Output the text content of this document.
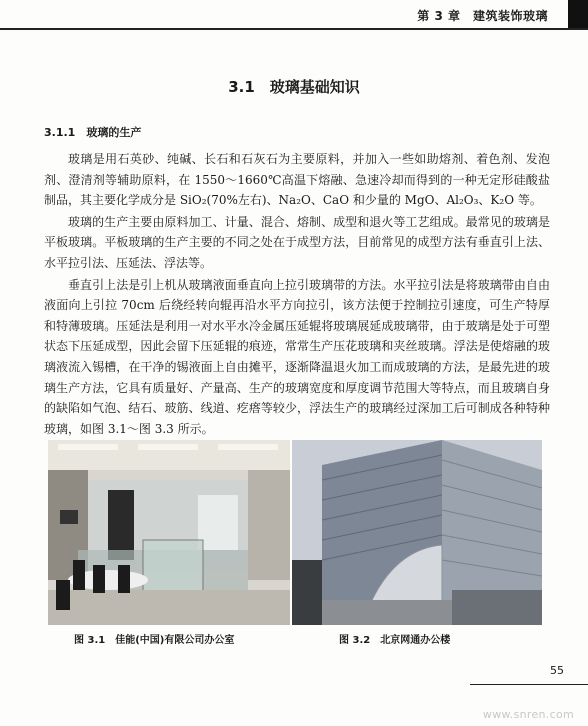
第 3 章　建筑装饰玻璃
3.1　玻璃基础知识
3.1.1　玻璃的生产

玻璃是用石英砂、纯碱、长石和石灰石为主要原料，并加入一些如助熔剂、着色剂、发泡剂、澄清剂等辅助原料，在 1550～1660℃高温下熔融、急速冷却而得到的一种无定形硅酸盐制品，其主要化学成分是 SiO₂(70%左右)、Na₂O、CaO 和少量的 MgO、Al₂O₃、K₂O 等。

玻璃的生产主要由原料加工、计量、混合、熔制、成型和退火等工艺组成。最常见的玻璃是平板玻璃。平板玻璃的生产主要的不同之处在于成型方法，目前常见的成型方法有垂直引上法、水平拉引法、压延法、浮法等。

垂直引上法是引上机从玻璃液面垂直向上拉引玻璃带的方法。水平拉引法是将玻璃带由自由液面向上引拉 70cm 后绕经转向辊再沿水平方向拉引，该方法便于控制拉引速度，可生产特厚和特薄玻璃。压延法是利用一对水平水冷金属压延辊将玻璃展延成玻璃带，由于玻璃是处于可塑状态下压延成型，因此会留下压延辊的痕迹，常常生产压花玻璃和夹丝玻璃。浮法是使熔融的玻璃液流入锡槽，在干净的锡液面上自由摊平，逐渐降温退火加工而成玻璃的方法，是最先进的玻璃生产方法，它具有质量好、产量高、生产的玻璃宽度和厚度调节范围大等特点，而且玻璃自身的缺陷如气泡、结石、玻筋、线道、疙瘩等较少，浮法生产的玻璃经过深加工后可制成各种特种玻璃，如图 3.1～图 3.3 所示。

图 3.1　佳能(中国)有限公司办公室	图 3.2　北京网通办公楼
55
www.snren.com
